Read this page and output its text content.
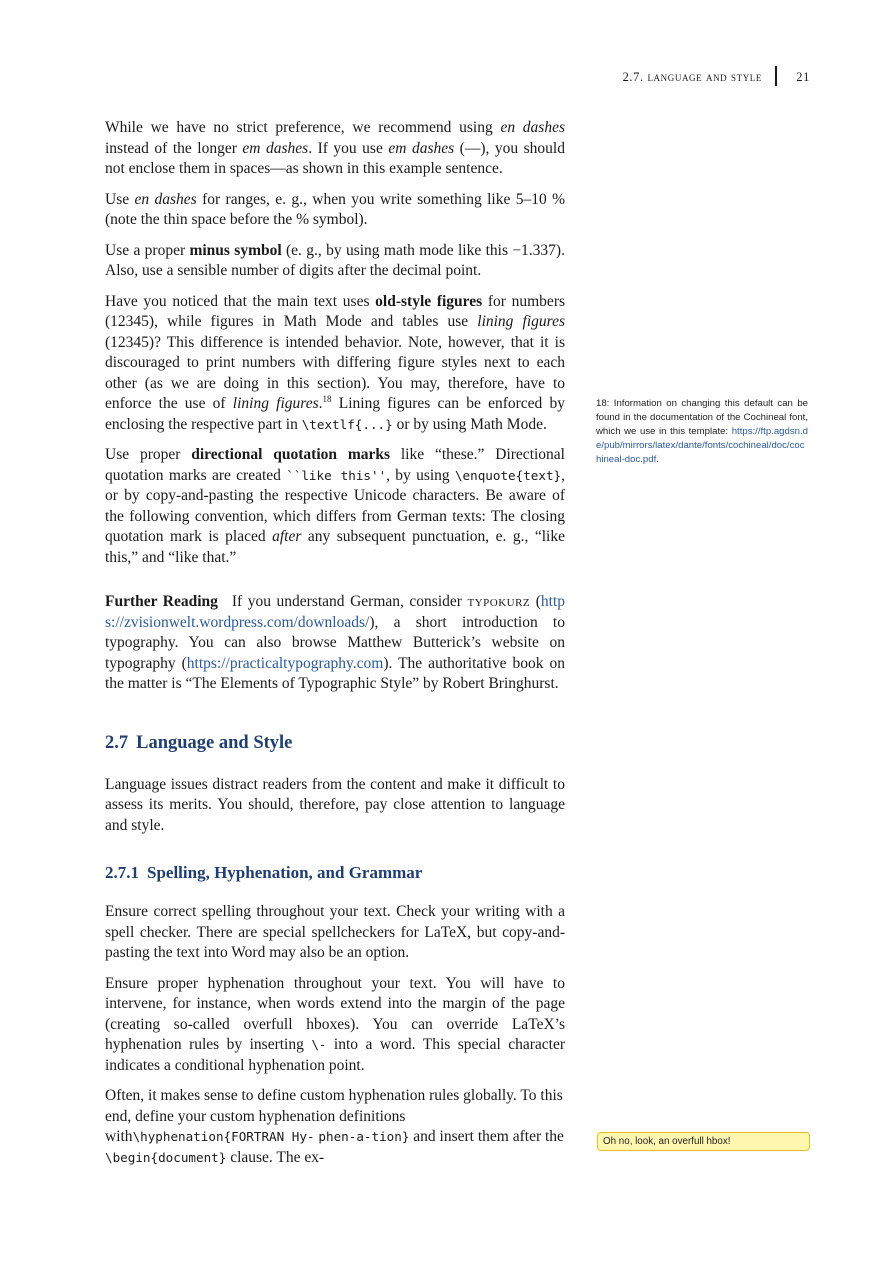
2.7. language and style	21

While we have no strict preference, we recommend using en dashes instead of the longer em dashes. If you use em dashes (—), you should not enclose them in spaces—as shown in this example sentence.

Use en dashes for ranges, e. g., when you write something like 5–10 % (note the thin space before the % symbol).

Use a proper minus symbol (e. g., by using math mode like this −1.337). Also, use a sensible number of digits after the decimal point.

Have you noticed that the main text uses old-style figures for numbers (12345), while figures in Math Mode and tables use lining figures (12345)? This difference is intended behavior. Note, however, that it is discouraged to print numbers with differing figure styles next to each other (as we are doing in this section). You may, therefore, have to enforce the use of lining figures.$^{18}$ Lining figures can be enforced by enclosing the respective part in \textlf{...} or by using Math Mode.

Use proper directional quotation marks like “these.” Directional quotation marks are created ``like this'', by using \enquote{text}, or by copy-and-pasting the respective Unicode characters. Be aware of the following convention, which differs from German texts: The closing quotation mark is placed after any subsequent punctuation, e. g., “like this,” and “like that.”

Further Reading If you understand German, consider typokurz (https://zvisionwelt.wordpress.com/downloads/), a short introduction to typography. You can also browse Matthew Butterick’s website on typography (https://practicaltypography.com). The authoritative book on the matter is “The Elements of Typographic Style” by Robert Bringhurst.

2.7 Language and Style

Language issues distract readers from the content and make it difficult to assess its merits. You should, therefore, pay close attention to language and style.

2.7.1 Spelling, Hyphenation, and Grammar

Ensure correct spelling throughout your text. Check your writing with a spell checker. There are special spellcheckers for LaTeX, but copy-and-pasting the text into Word may also be an option.

Ensure proper hyphenation throughout your text. You will have to intervene, for instance, when words extend into the margin of the page (creating so-called overfull hboxes). You can override LaTeX’s hyphenation rules by inserting \- into a word. This special character indicates a conditional hyphenation point.

Often, it makes sense to define custom hyphenation rules globally. To this end, define your custom hyphenation definitions with\hyphenation{FORTRAN Hy- phen-a-tion} and insert them after the \begin{document} clause. The ex-

18: Information on changing this default can be found in the documentation of the Cochineal font, which we use in this template: https://ftp.agdsn.de/pub/mirrors/latex/dante/fonts/cochineal/doc/cochineal-doc.pdf.
Oh no, look, an overfull hbox!
